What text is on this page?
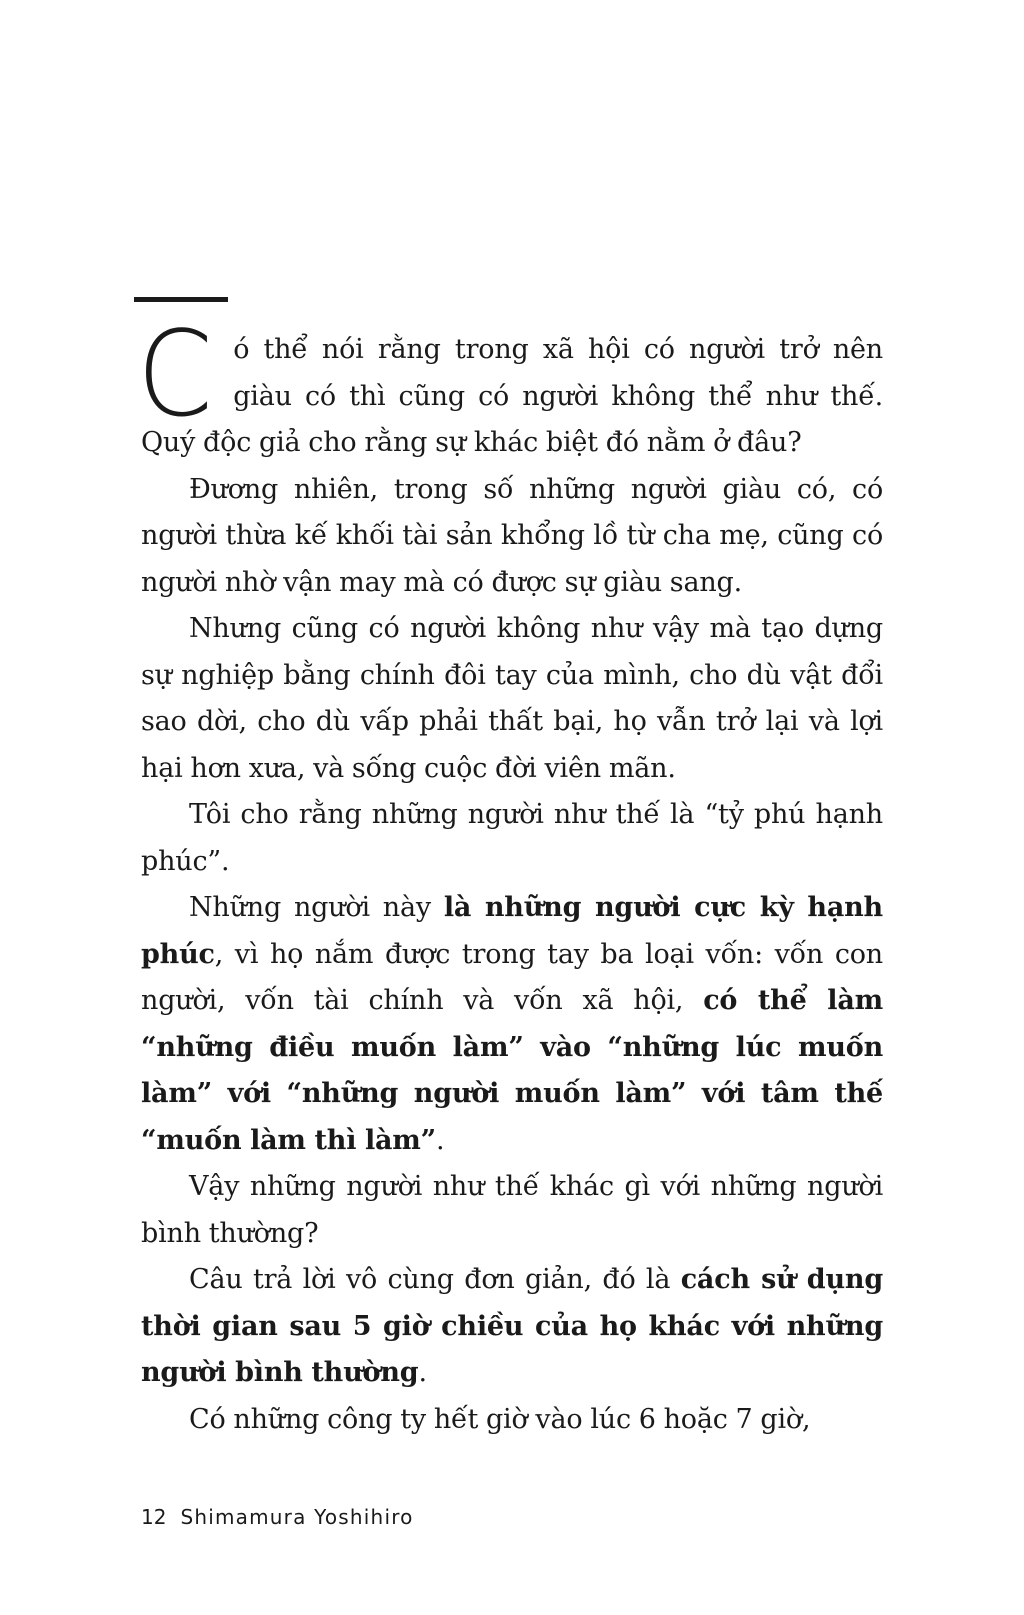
Có thể nói rằng trong xã hội có người trở nên giàu có thì cũng có người không thể như thế. Quý độc giả cho rằng sự khác biệt đó nằm ở đâu?

Đương nhiên, trong số những người giàu có, có người thừa kế khối tài sản khổng lồ từ cha mẹ, cũng có người nhờ vận may mà có được sự giàu sang.

Nhưng cũng có người không như vậy mà tạo dựng sự nghiệp bằng chính đôi tay của mình, cho dù vật đổi sao dời, cho dù vấp phải thất bại, họ vẫn trở lại và lợi hại hơn xưa, và sống cuộc đời viên mãn.

Tôi cho rằng những người như thế là “tỷ phú hạnh phúc”.

Những người này là những người cực kỳ hạnh phúc, vì họ nắm được trong tay ba loại vốn: vốn con người, vốn tài chính và vốn xã hội, có thể làm “những điều muốn làm” vào “những lúc muốn làm” với “những người muốn làm” với tâm thế “muốn làm thì làm”.

Vậy những người như thế khác gì với những người bình thường?

Câu trả lời vô cùng đơn giản, đó là cách sử dụng thời gian sau 5 giờ chiều của họ khác với những người bình thường.

Có những công ty hết giờ vào lúc 6 hoặc 7 giờ,

12 Shimamura Yoshihiro
